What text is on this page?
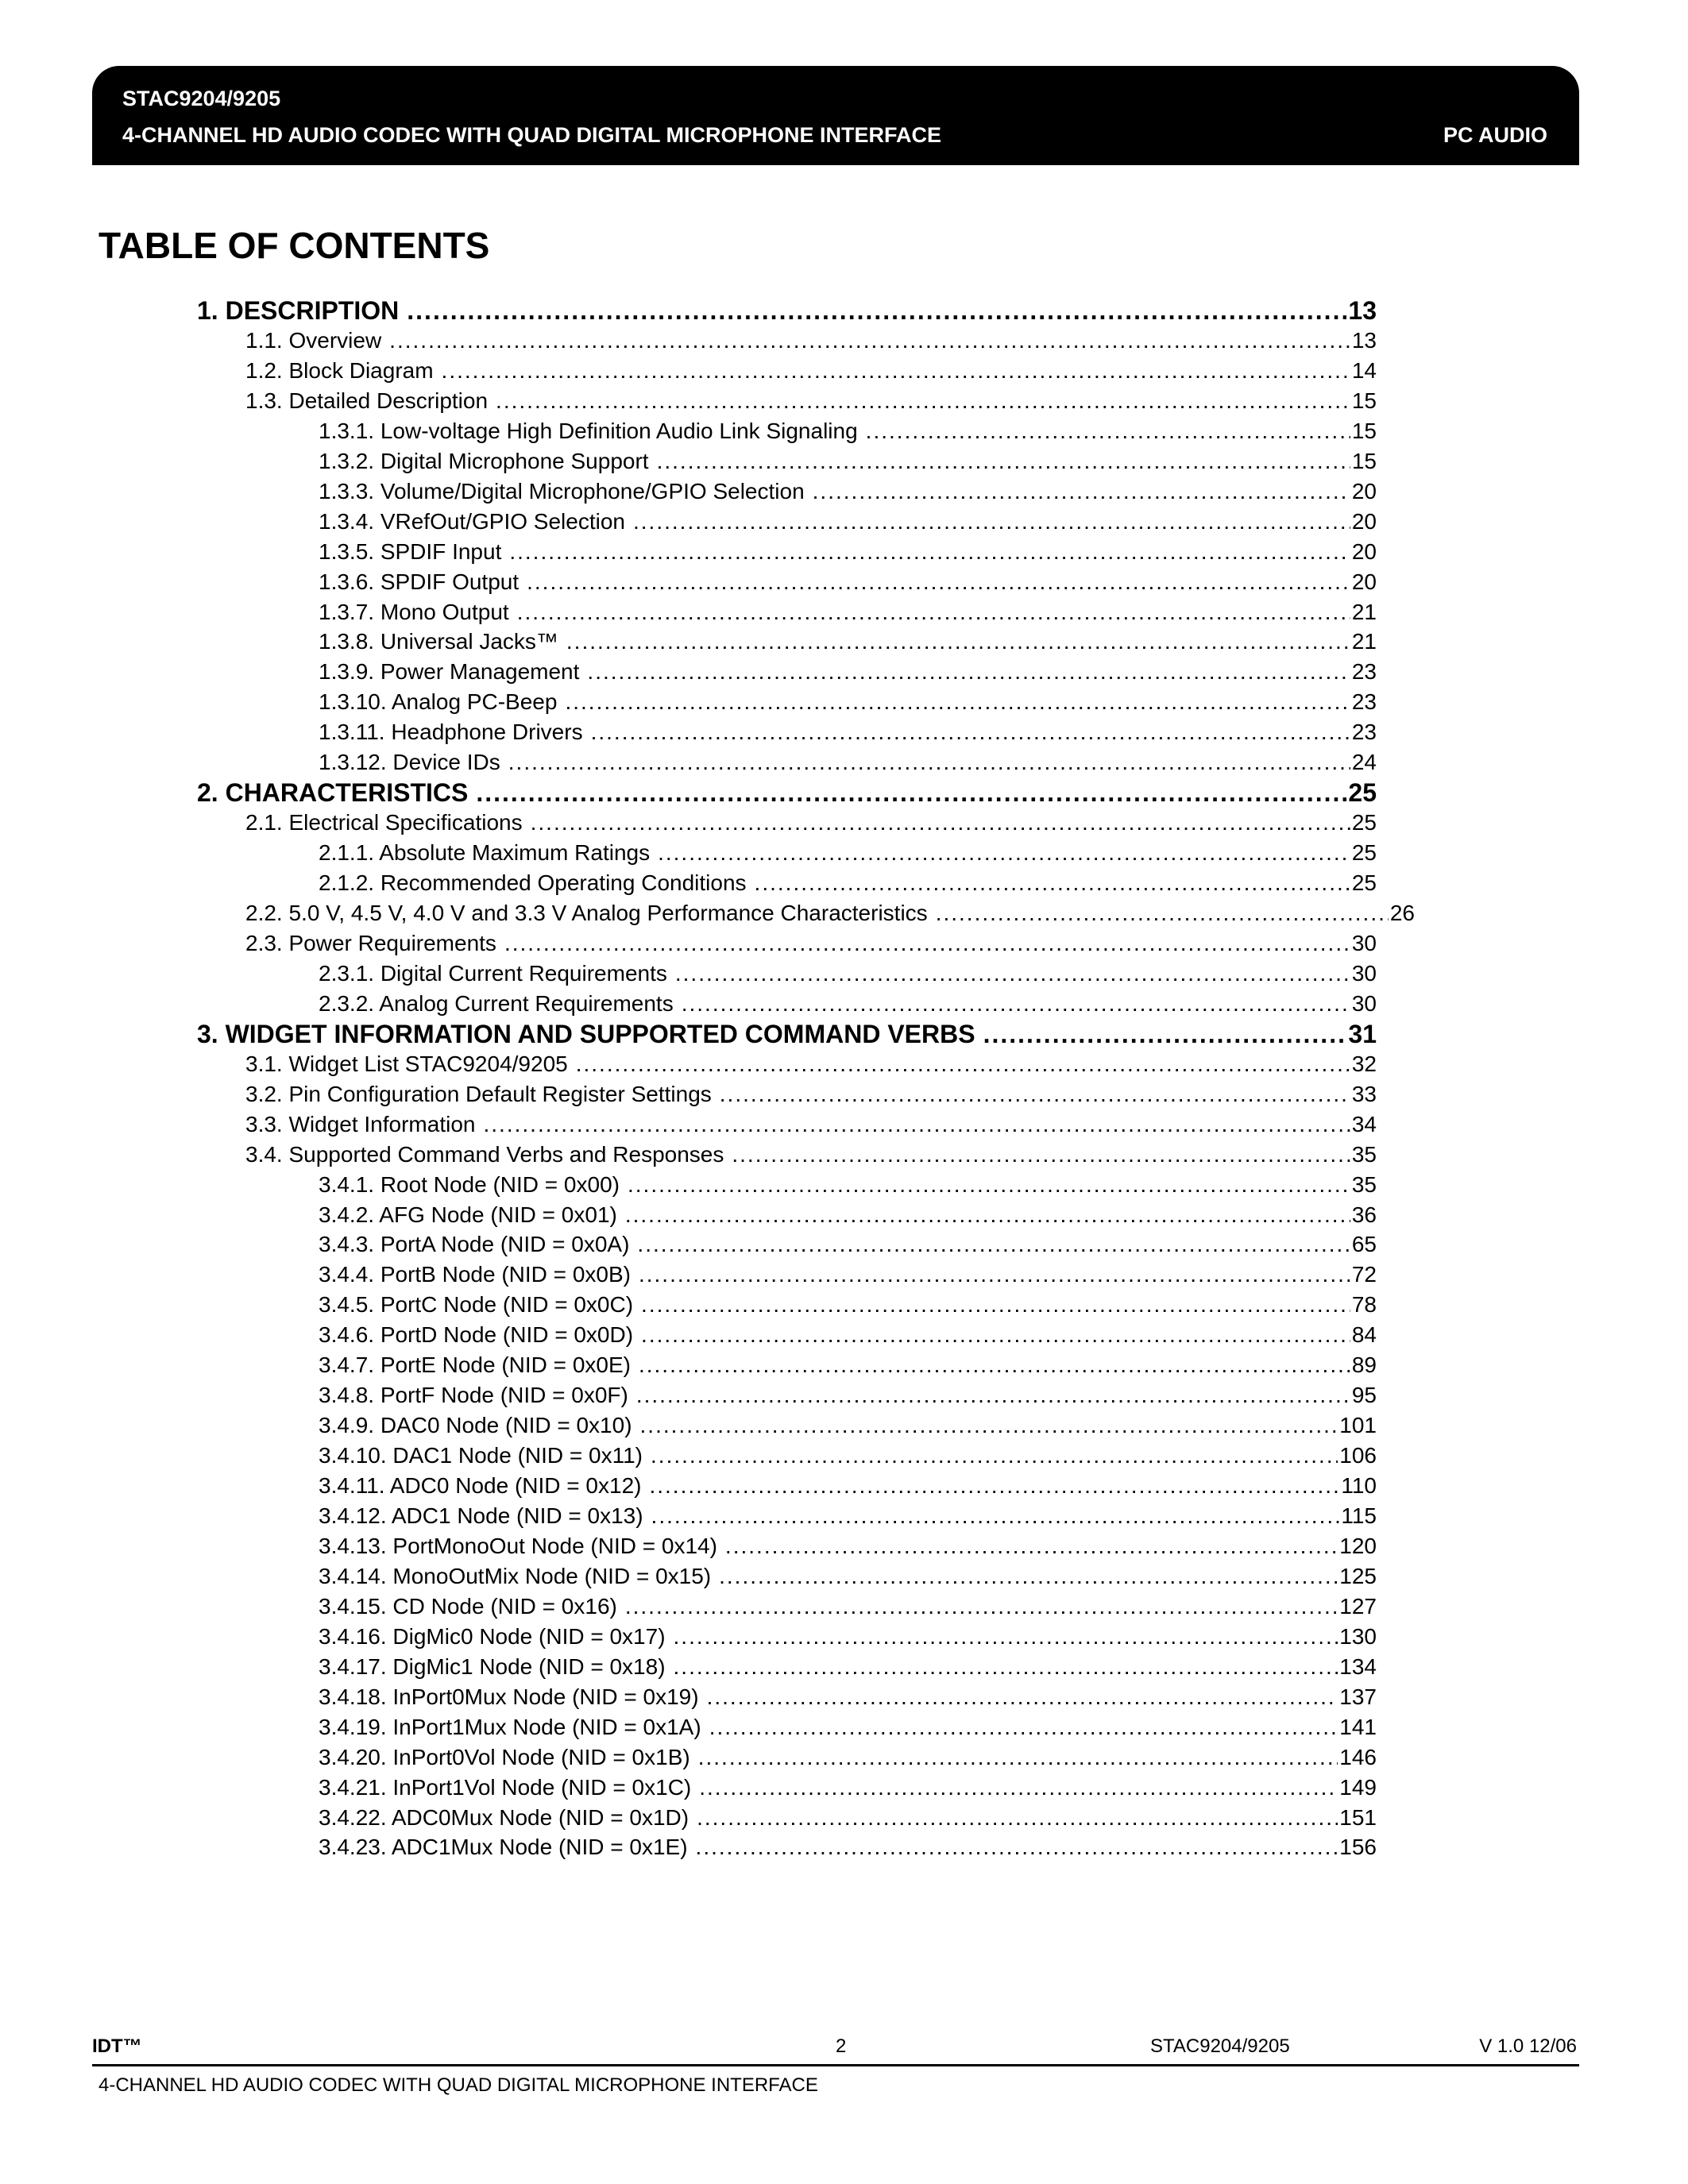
STAC9204/9205
4-CHANNEL HD AUDIO CODEC WITH QUAD DIGITAL MICROPHONE INTERFACE	PC AUDIO
TABLE OF CONTENTS
1. DESCRIPTION .....	13
1.1. Overview .....	13
1.2. Block Diagram .....	14
1.3. Detailed Description .....	15
1.3.1. Low-voltage High Definition Audio Link Signaling .....	15
1.3.2. Digital Microphone Support .....	15
1.3.3. Volume/Digital Microphone/GPIO Selection .....	20
1.3.4. VRefOut/GPIO Selection .....	20
1.3.5. SPDIF Input .....	20
1.3.6. SPDIF Output .....	20
1.3.7. Mono Output .....	21
1.3.8. Universal Jacks™ .....	21
1.3.9. Power Management .....	23
1.3.10. Analog PC-Beep .....	23
1.3.11. Headphone Drivers .....	23
1.3.12. Device IDs .....	24
2. CHARACTERISTICS .....	25
2.1. Electrical Specifications .....	25
2.1.1. Absolute Maximum Ratings .....	25
2.1.2. Recommended Operating Conditions .....	25
2.2. 5.0 V, 4.5 V, 4.0 V and 3.3 V Analog Performance Characteristics .....	26
2.3. Power Requirements .....	30
2.3.1. Digital Current Requirements .....	30
2.3.2. Analog Current Requirements .....	30
3. WIDGET INFORMATION AND SUPPORTED COMMAND VERBS .....	31
3.1. Widget List STAC9204/9205 .....	32
3.2. Pin Configuration Default Register Settings .....	33
3.3. Widget Information .....	34
3.4. Supported Command Verbs and Responses .....	35
3.4.1. Root Node (NID = 0x00) .....	35
3.4.2. AFG Node (NID = 0x01) .....	36
3.4.3. PortA Node (NID = 0x0A) .....	65
3.4.4. PortB Node (NID = 0x0B) .....	72
3.4.5. PortC Node (NID = 0x0C) .....	78
3.4.6. PortD Node (NID = 0x0D) .....	84
3.4.7. PortE Node (NID = 0x0E) .....	89
3.4.8. PortF Node (NID = 0x0F) .....	95
3.4.9. DAC0 Node (NID = 0x10) .....	101
3.4.10. DAC1 Node (NID = 0x11) .....	106
3.4.11. ADC0 Node (NID = 0x12) .....	110
3.4.12. ADC1 Node (NID = 0x13) .....	115
3.4.13. PortMonoOut Node (NID = 0x14) .....	120
3.4.14. MonoOutMix Node (NID = 0x15) .....	125
3.4.15. CD Node (NID = 0x16) .....	127
3.4.16. DigMic0 Node (NID = 0x17) .....	130
3.4.17. DigMic1 Node (NID = 0x18) .....	134
3.4.18. InPort0Mux Node (NID = 0x19) .....	137
3.4.19. InPort1Mux Node (NID = 0x1A) .....	141
3.4.20. InPort0Vol Node (NID = 0x1B) .....	146
3.4.21. InPort1Vol Node (NID = 0x1C) .....	149
3.4.22. ADC0Mux Node (NID = 0x1D) .....	151
3.4.23. ADC1Mux Node (NID = 0x1E) .....	156
IDT™	2	STAC9204/9205	V 1.0 12/06
4-CHANNEL HD AUDIO CODEC WITH QUAD DIGITAL MICROPHONE INTERFACE
